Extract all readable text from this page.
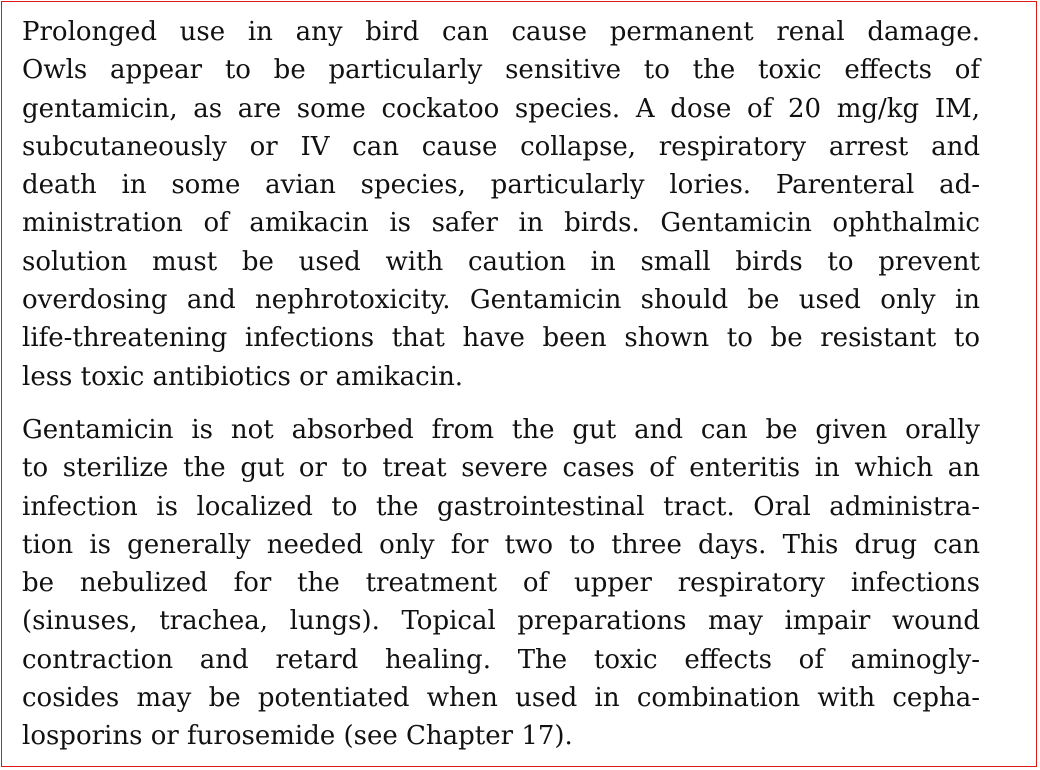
Prolonged use in any bird can cause permanent renal damage.
Owls appear to be particularly sensitive to the toxic effects of
gentamicin, as are some cockatoo species. A dose of 20 mg/kg IM,
subcutaneously or IV can cause collapse, respiratory arrest and
death in some avian species, particularly lories. Parenteral ad-
ministration of amikacin is safer in birds. Gentamicin ophthalmic
solution must be used with caution in small birds to prevent
overdosing and nephrotoxicity. Gentamicin should be used only in
life-threatening infections that have been shown to be resistant to
less toxic antibiotics or amikacin.

Gentamicin is not absorbed from the gut and can be given orally
to sterilize the gut or to treat severe cases of enteritis in which an
infection is localized to the gastrointestinal tract. Oral administra-
tion is generally needed only for two to three days. This drug can
be nebulized for the treatment of upper respiratory infections
(sinuses, trachea, lungs). Topical preparations may impair wound
contraction and retard healing. The toxic effects of aminogly-
cosides may be potentiated when used in combination with cepha-
losporins or furosemide (see Chapter 17).
